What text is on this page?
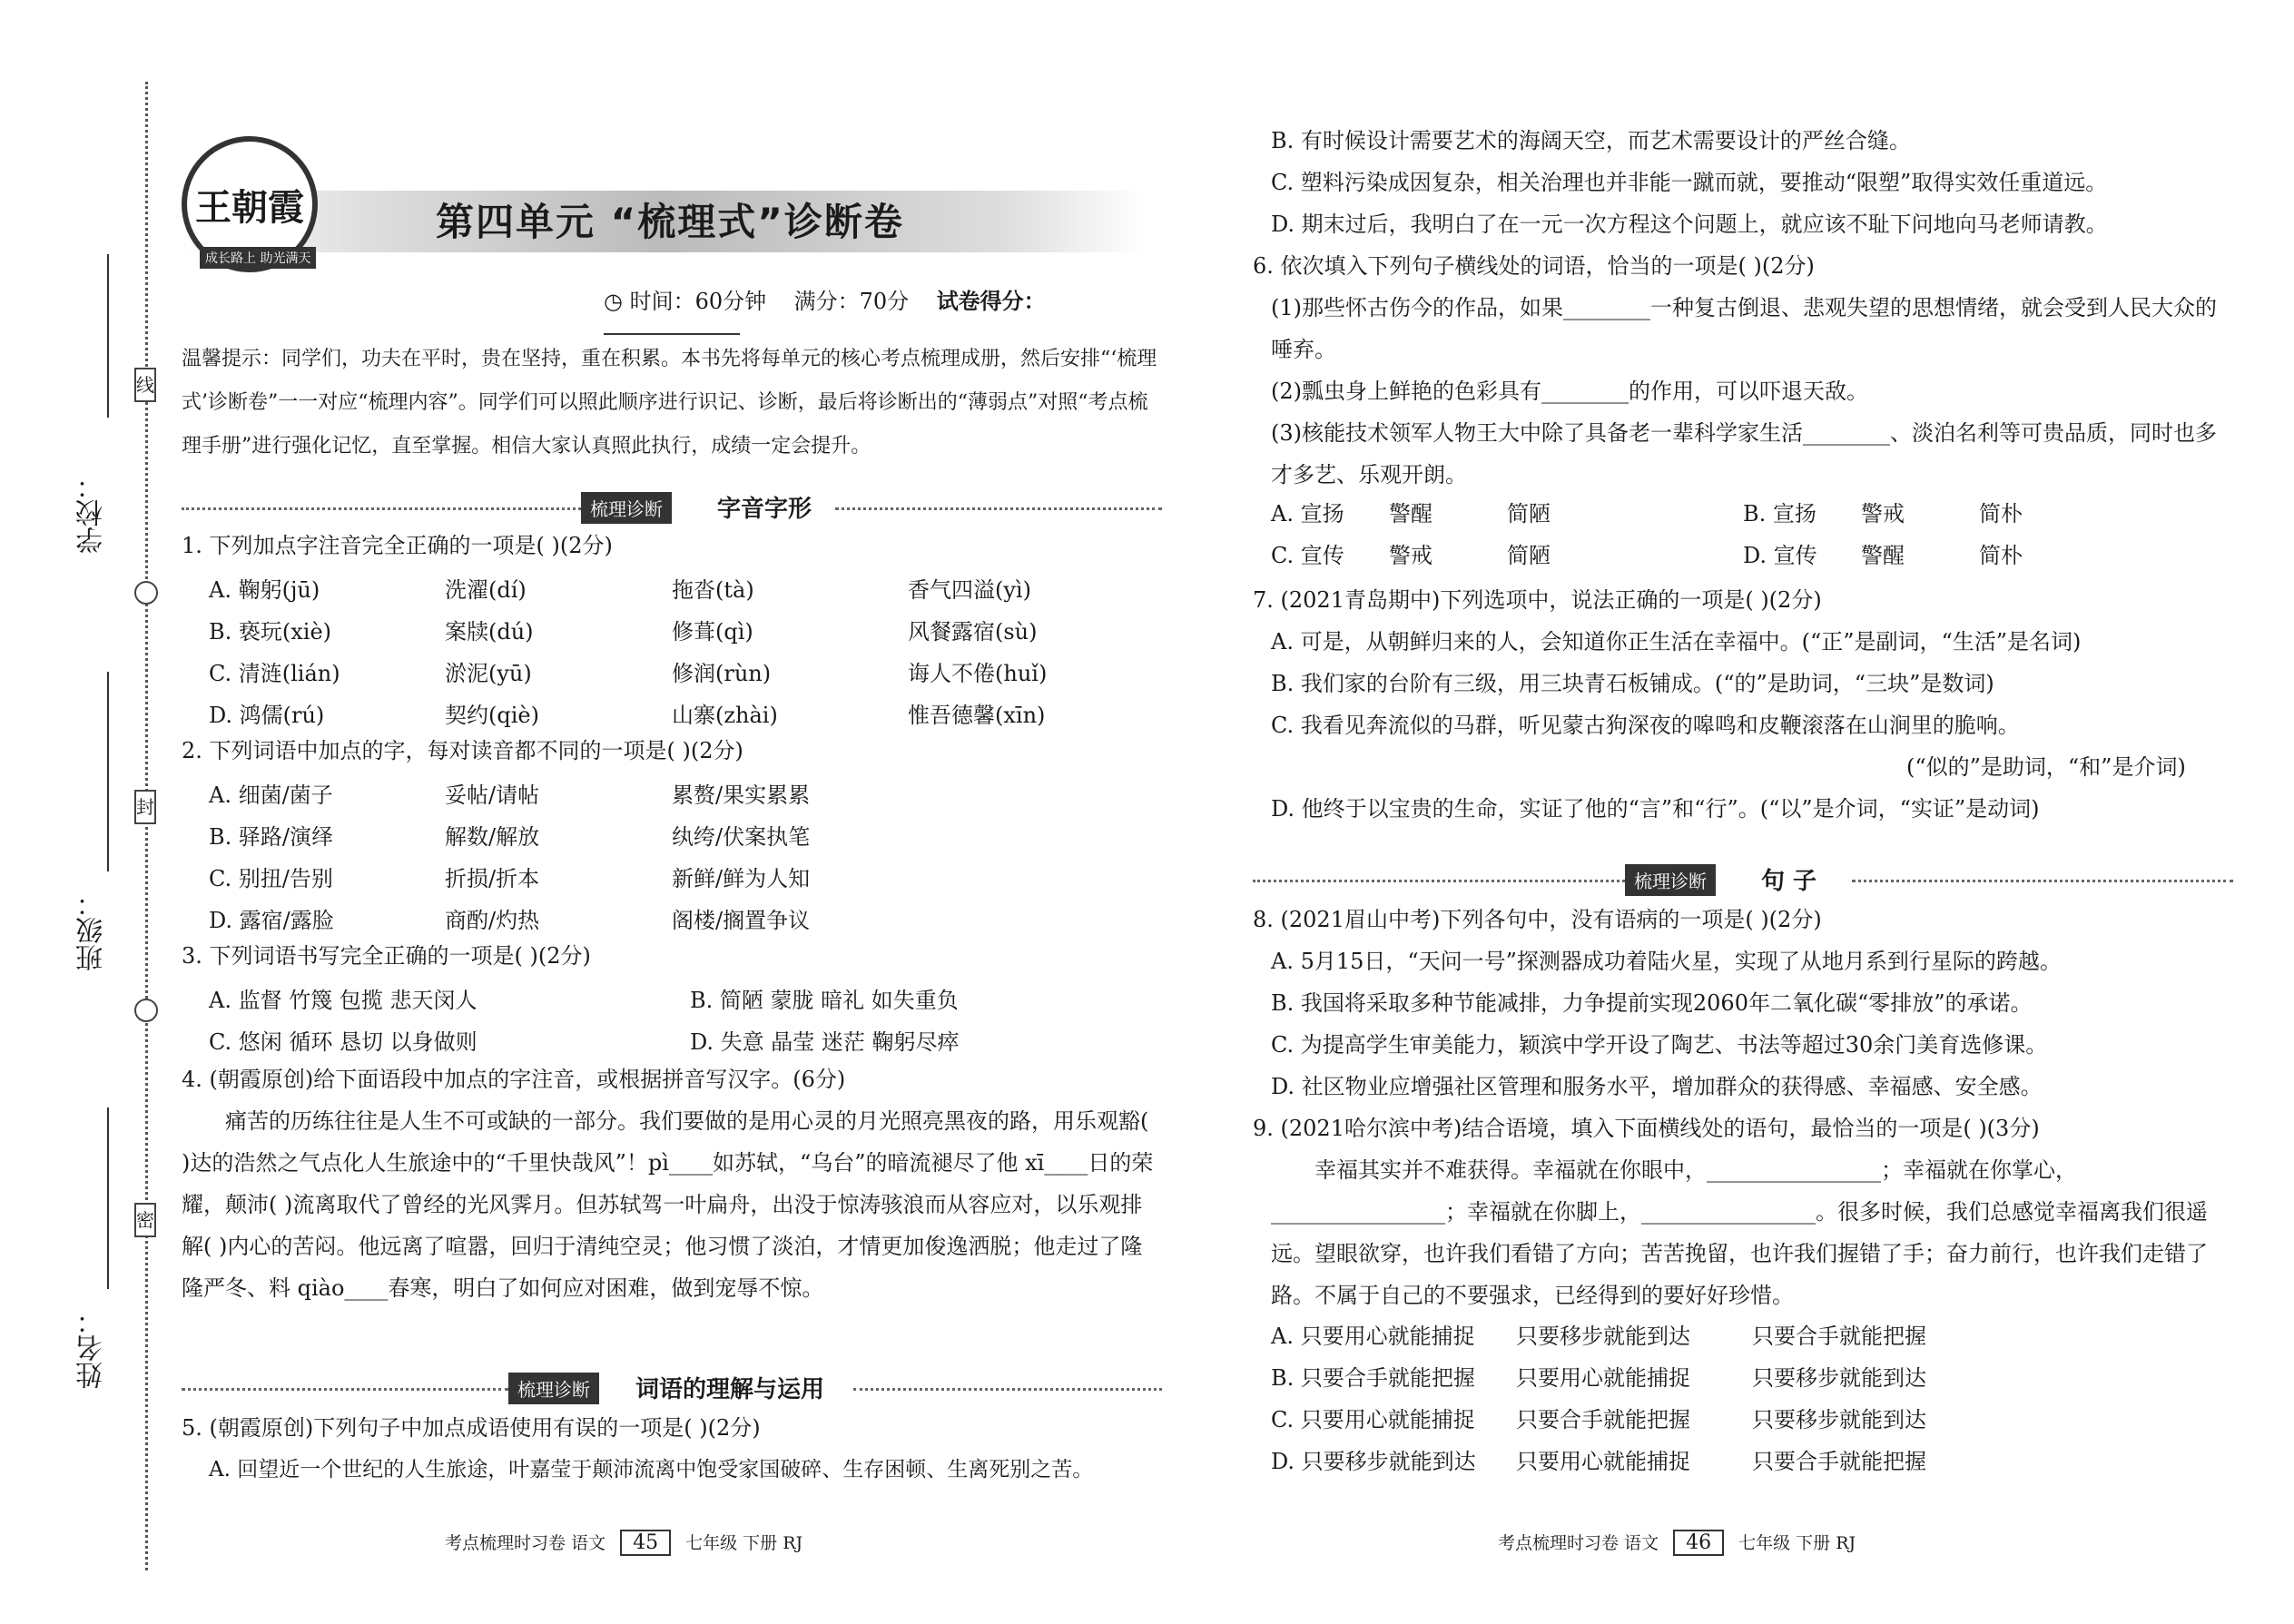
学校：
班级：
姓名：
线
封
密
王朝霞
成长路上 助光满天
第四单元 “梳理式”诊断卷
◷ 时间：60分钟 满分：70分 试卷得分：
温馨提示：同学们，功夫在平时，贵在坚持，重在积累。本书先将每单元的核心考点梳理成册，然后安排“‘梳理式’诊断卷”一一对应“梳理内容”。同学们可以照此顺序进行识记、诊断，最后将诊断出的“薄弱点”对照“考点梳理手册”进行强化记忆，直至掌握。相信大家认真照此执行，成绩一定会提升。
梳理诊断	字音字形
1. 下列加点字注音完全正确的一项是( )(2分)
A. 鞠躬(jū)	洗濯(dí)	拖沓(tà)	香气四溢(yì)
B. 亵玩(xiè)	案牍(dú)	修葺(qì)	风餐露宿(sù)
C. 清涟(lián)	淤泥(yū)	修润(rùn)	诲人不倦(huǐ)
D. 鸿儒(rú)	契约(qiè)	山寨(zhài)	惟吾德馨(xīn)
2. 下列词语中加点的字，每对读音都不同的一项是( )(2分)
A. 细菌/菌子	妥帖/请帖	累赘/果实累累
B. 驿路/演绎	解数/解放	纨绔/伏案执笔
C. 别扭/告别	折损/折本	新鲜/鲜为人知
D. 露宿/露脸	商酌/灼热	阁楼/搁置争议
3. 下列词语书写完全正确的一项是( )(2分)
A. 监督 竹篾 包揽 悲天闵人	B. 简陋 蒙胧 暗礼 如失重负
C. 悠闲 循环 恳切 以身做则	D. 失意 晶莹 迷茫 鞠躬尽瘁
4. (朝霞原创)给下面语段中加点的字注音，或根据拼音写汉字。(6分)
痛苦的历练往往是人生不可或缺的一部分。我们要做的是用心灵的月光照亮黑夜的路，用乐观豁( )达的浩然之气点化人生旅途中的“千里快哉风”！pì____如苏轼，“乌台”的暗流褪尽了他 xī____日的荣耀，颠沛( )流离取代了曾经的光风霁月。但苏轼驾一叶扁舟，出没于惊涛骇浪而从容应对，以乐观排解( )内心的苦闷。他远离了喧嚣，回归于清纯空灵；他习惯了淡泊，才情更加俊逸洒脱；他走过了隆隆严冬、料 qiào____春寒，明白了如何应对困难，做到宠辱不惊。
梳理诊断	词语的理解与运用
5. (朝霞原创)下列句子中加点成语使用有误的一项是( )(2分)
A. 回望近一个世纪的人生旅途，叶嘉莹于颠沛流离中饱受家国破碎、生存困顿、生离死别之苦。
考点梳理时习卷 语文 45 七年级 下册 RJ
B. 有时候设计需要艺术的海阔天空，而艺术需要设计的严丝合缝。
C. 塑料污染成因复杂，相关治理也并非能一蹴而就，要推动“限塑”取得实效任重道远。
D. 期末过后，我明白了在一元一次方程这个问题上，就应该不耻下问地向马老师请教。
6. 依次填入下列句子横线处的词语，恰当的一项是( )(2分)
(1)那些怀古伤今的作品，如果________一种复古倒退、悲观失望的思想情绪，就会受到人民大众的唾弃。
(2)瓢虫身上鲜艳的色彩具有________的作用，可以吓退天敌。
(3)核能技术领军人物王大中除了具备老一辈科学家生活________、淡泊名利等可贵品质，同时也多才多艺、乐观开朗。
A. 宣扬 警醒	简陋	B. 宣扬 警戒	简朴
C. 宣传 警戒	简陋	D. 宣传 警醒	简朴
7. (2021青岛期中)下列选项中，说法正确的一项是( )(2分)
A. 可是，从朝鲜归来的人，会知道你正生活在幸福中。(“正”是副词，“生活”是名词)
B. 我们家的台阶有三级，用三块青石板铺成。(“的”是助词，“三块”是数词)
C. 我看见奔流似的马群，听见蒙古狗深夜的嗥鸣和皮鞭滚落在山涧里的脆响。
(“似的”是助词，“和”是介词)
D. 他终于以宝贵的生命，实证了他的“言”和“行”。(“以”是介词，“实证”是动词)
梳理诊断	句 子
8. (2021眉山中考)下列各句中，没有语病的一项是( )(2分)
A. 5月15日，“天问一号”探测器成功着陆火星，实现了从地月系到行星际的跨越。
B. 我国将采取多种节能减排，力争提前实现2060年二氧化碳“零排放”的承诺。
C. 为提高学生审美能力，颖滨中学开设了陶艺、书法等超过30余门美育选修课。
D. 社区物业应增强社区管理和服务水平，增加群众的获得感、幸福感、安全感。
9. (2021哈尔滨中考)结合语境，填入下面横线处的语句，最恰当的一项是( )(3分)
幸福其实并不难获得。幸福就在你眼中，________________；幸福就在你掌心，________________；幸福就在你脚上，________________。很多时候，我们总感觉幸福离我们很遥远。望眼欲穿，也许我们看错了方向；苦苦挽留，也许我们握错了手；奋力前行，也许我们走错了路。不属于自己的不要强求，已经得到的要好好珍惜。
A. 只要用心就能捕捉 只要移步就能到达	只要合手就能把握
B. 只要合手就能把握 只要用心就能捕捉	只要移步就能到达
C. 只要用心就能捕捉 只要合手就能把握	只要移步就能到达
D. 只要移步就能到达 只要用心就能捕捉	只要合手就能把握
考点梳理时习卷 语文 46 七年级 下册 RJ
